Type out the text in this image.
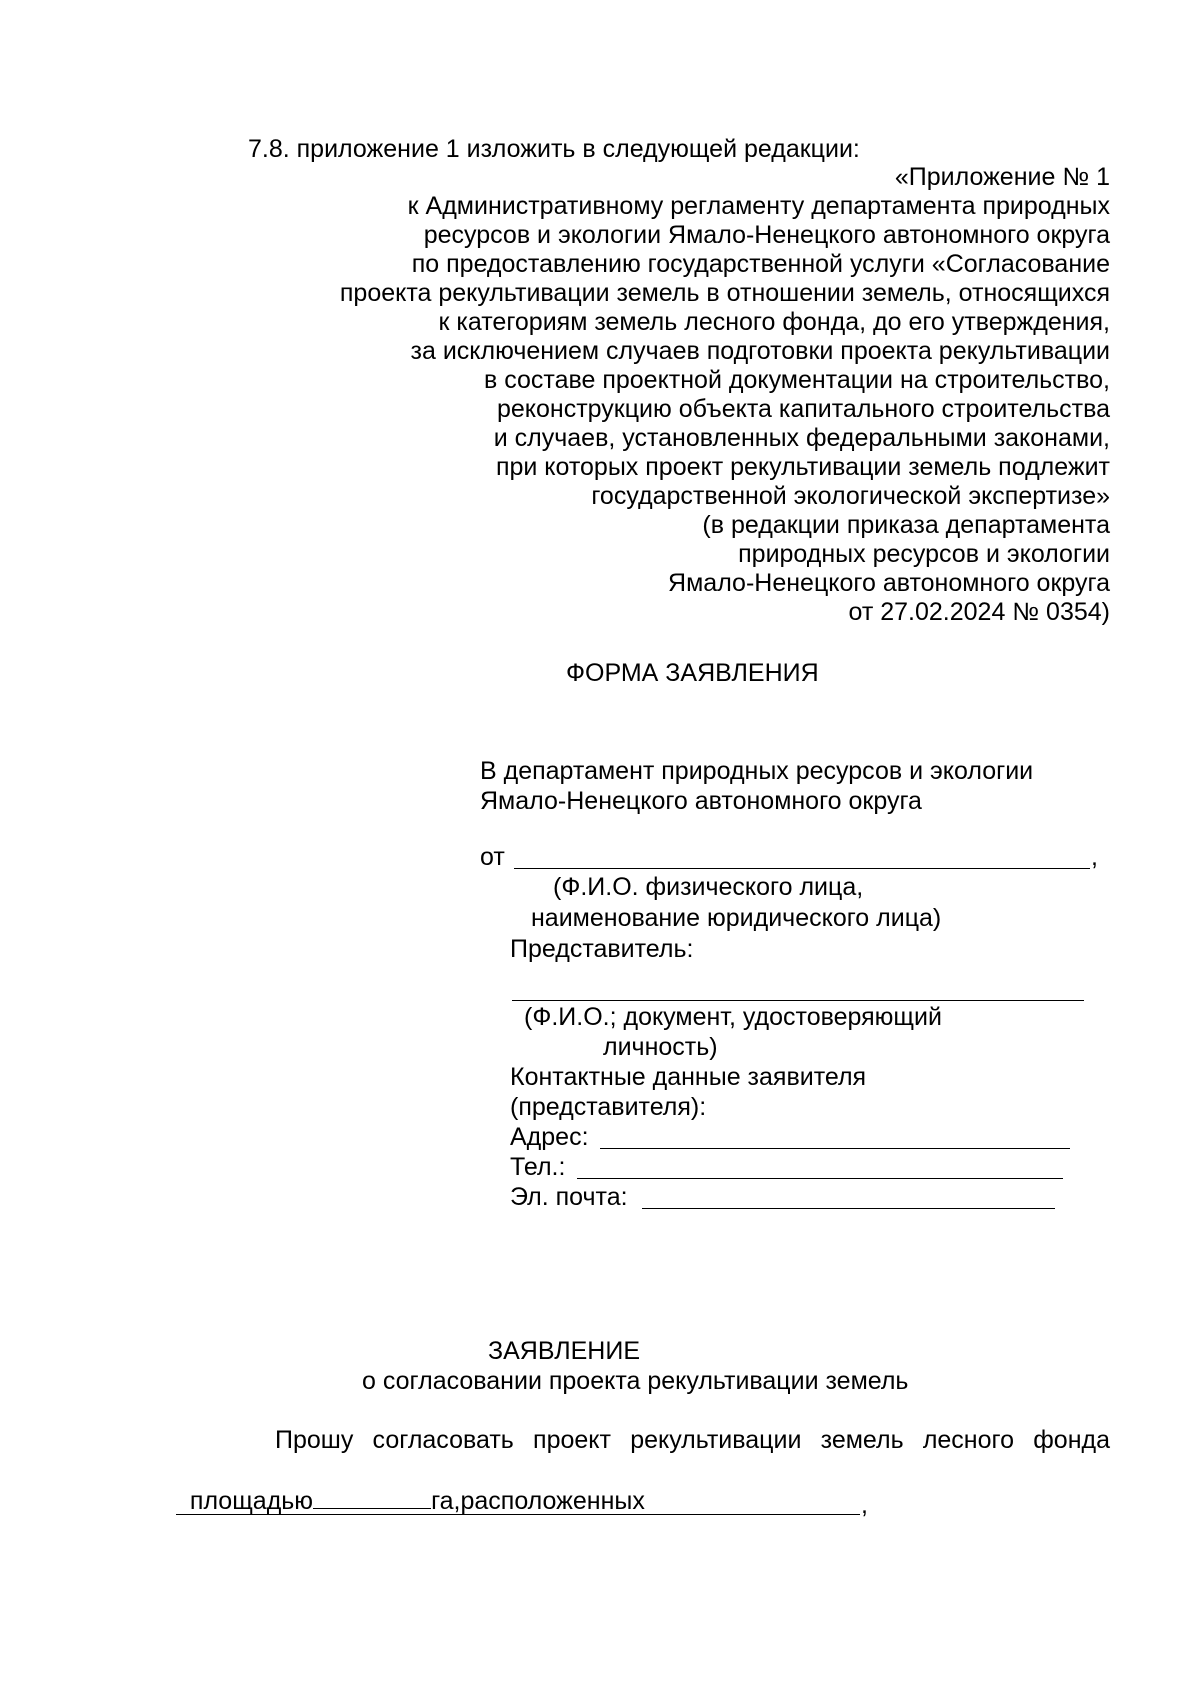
7.8. приложение 1 изложить в следующей редакции:
«Приложение № 1
к Административному регламенту департамента природных
ресурсов и экологии Ямало-Ненецкого автономного округа
по предоставлению государственной услуги «Согласование
проекта рекультивации земель в отношении земель, относящихся
к категориям земель лесного фонда, до его утверждения,
за исключением случаев подготовки проекта рекультивации
в составе проектной документации на строительство,
реконструкцию объекта капитального строительства
и случаев, установленных федеральными законами,
при которых проект рекультивации земель подлежит
государственной экологической экспертизе»
(в редакции приказа департамента
природных ресурсов и экологии
Ямало-Ненецкого автономного округа
от 27.02.2024 № 0354)
ФОРМА ЗАЯВЛЕНИЯ
В департамент природных ресурсов и экологии
Ямало-Ненецкого автономного округа
от	,
(Ф.И.О. физического лица,
наименование юридического лица)
Представитель:
(Ф.И.О.; документ, удостоверяющий
личность)
Контактные данные заявителя
(представителя):
Адрес:
Тел.:
Эл. почта:
ЗАЯВЛЕНИЕ
о согласовании проекта рекультивации земель
Прошу согласовать проект рекультивации земель лесного фонда

площадью	га,расположенных	,
